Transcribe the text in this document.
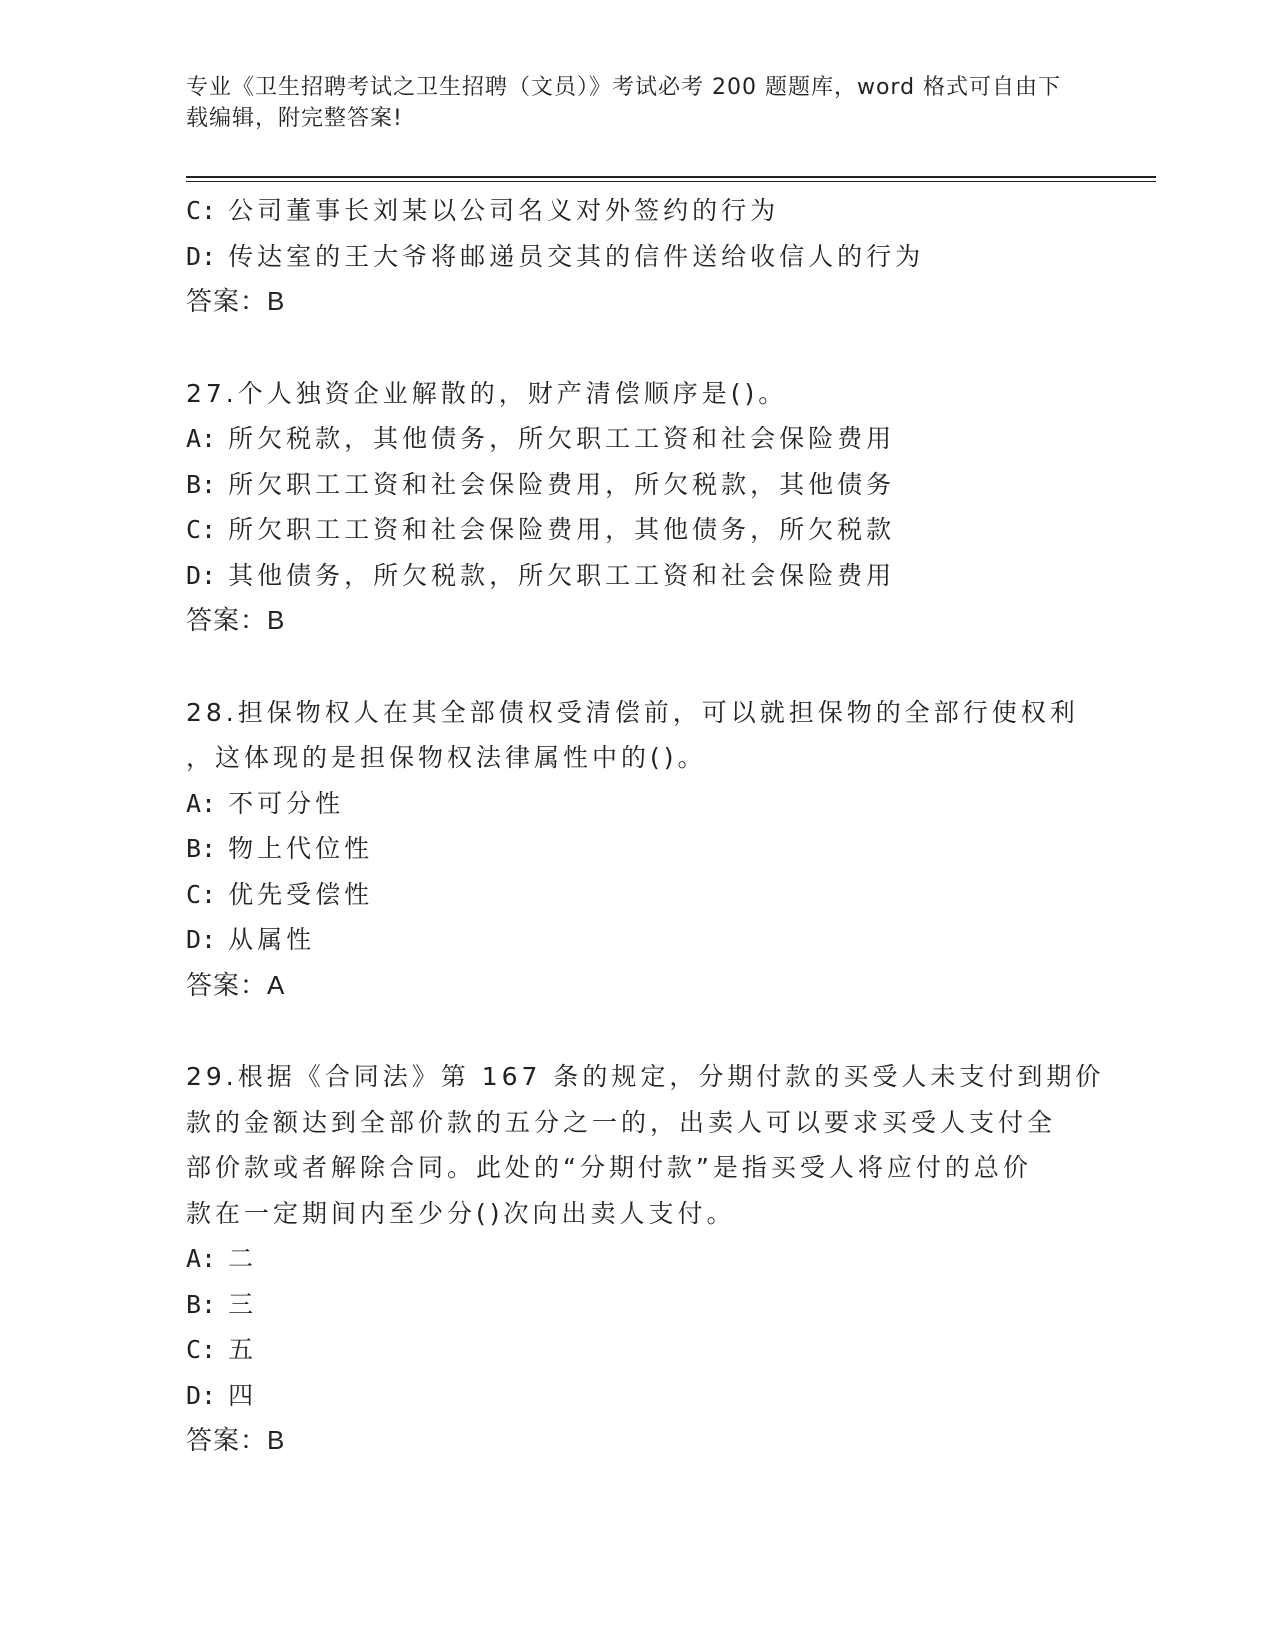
专业《卫生招聘考试之卫生招聘（文员）》考试必考 200 题题库，word 格式可自由下载编辑，附完整答案!
C: 公司董事长刘某以公司名义对外签约的行为
D: 传达室的王大爷将邮递员交其的信件送给收信人的行为
答案：B
27.个人独资企业解散的，财产清偿顺序是()。
A: 所欠税款，其他债务，所欠职工工资和社会保险费用
B: 所欠职工工资和社会保险费用，所欠税款，其他债务
C: 所欠职工工资和社会保险费用，其他债务，所欠税款
D: 其他债务，所欠税款，所欠职工工资和社会保险费用
答案：B
28.担保物权人在其全部债权受清偿前，可以就担保物的全部行使权利
，这体现的是担保物权法律属性中的()。
A: 不可分性
B: 物上代位性
C: 优先受偿性
D: 从属性
答案：A
29.根据《合同法》第 167 条的规定，分期付款的买受人未支付到期价
款的金额达到全部价款的五分之一的，出卖人可以要求买受人支付全
部价款或者解除合同。此处的“分期付款”是指买受人将应付的总价
款在一定期间内至少分()次向出卖人支付。
A: 二
B: 三
C: 五
D: 四
答案：B
